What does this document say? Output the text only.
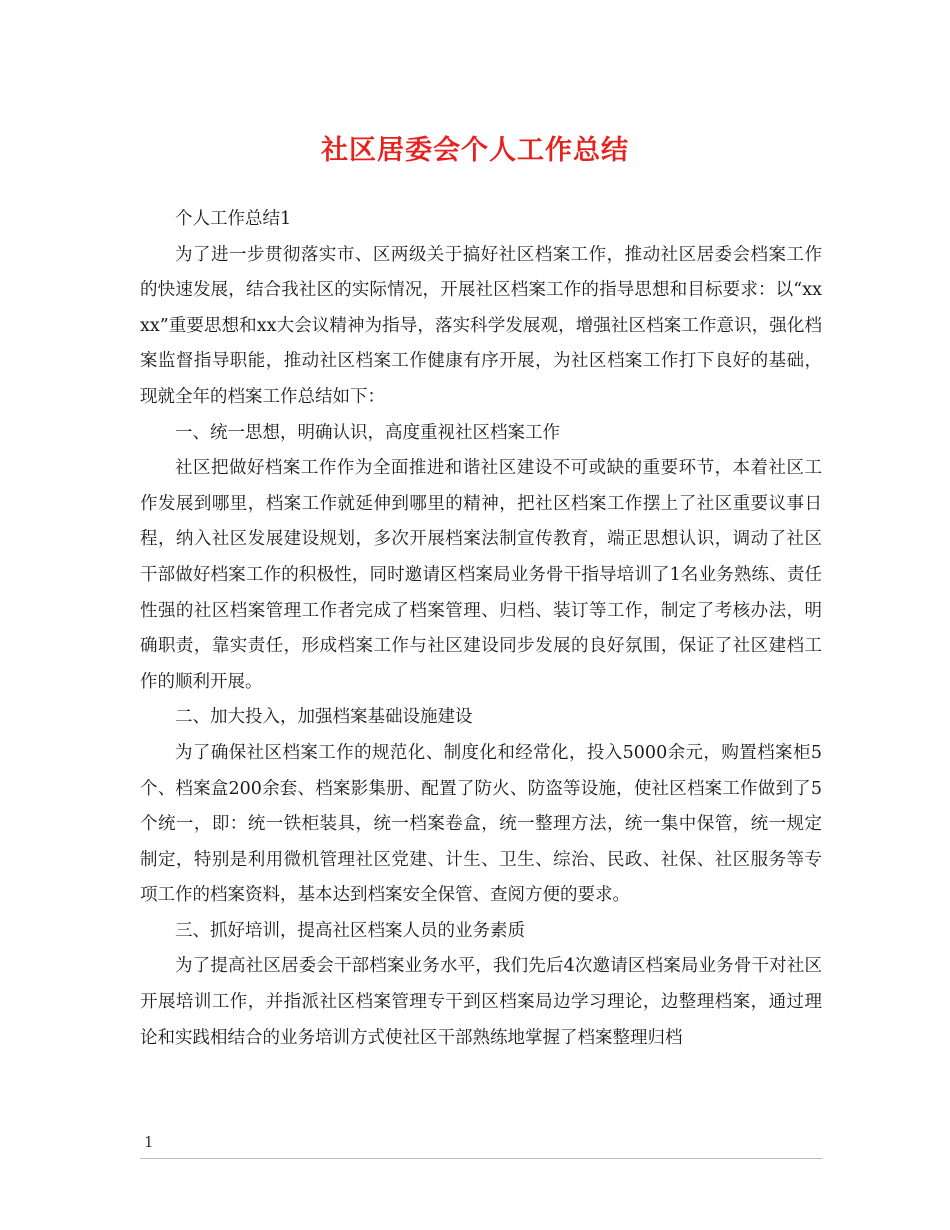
社区居委会个人工作总结

个人工作总结1

为了进一步贯彻落实市、区两级关于搞好社区档案工作，推动社区居委会档案工作的快速发展，结合我社区的实际情况，开展社区档案工作的指导思想和目标要求：以“xxxx”重要思想和xx大会议精神为指导，落实科学发展观，增强社区档案工作意识，强化档案监督指导职能，推动社区档案工作健康有序开展，为社区档案工作打下良好的基础，现就全年的档案工作总结如下：

一、统一思想，明确认识，高度重视社区档案工作

社区把做好档案工作作为全面推进和谐社区建设不可或缺的重要环节，本着社区工作发展到哪里，档案工作就延伸到哪里的精神，把社区档案工作摆上了社区重要议事日程，纳入社区发展建设规划，多次开展档案法制宣传教育，端正思想认识，调动了社区干部做好档案工作的积极性，同时邀请区档案局业务骨干指导培训了1名业务熟练、责任性强的社区档案管理工作者完成了档案管理、归档、装订等工作，制定了考核办法，明确职责，靠实责任，形成档案工作与社区建设同步发展的良好氛围，保证了社区建档工作的顺利开展。

二、加大投入，加强档案基础设施建设

为了确保社区档案工作的规范化、制度化和经常化，投入5000余元，购置档案柜5个、档案盒200余套、档案影集册、配置了防火、防盗等设施，使社区档案工作做到了5个统一，即：统一铁柜装具，统一档案卷盒，统一整理方法，统一集中保管，统一规定制定，特别是利用微机管理社区党建、计生、卫生、综治、民政、社保、社区服务等专项工作的档案资料，基本达到档案安全保管、查阅方便的要求。

三、抓好培训，提高社区档案人员的业务素质

为了提高社区居委会干部档案业务水平，我们先后4次邀请区档案局业务骨干对社区开展培训工作，并指派社区档案管理专干到区档案局边学习理论，边整理档案，通过理论和实践相结合的业务培训方式使社区干部熟练地掌握了档案整理归档

1
